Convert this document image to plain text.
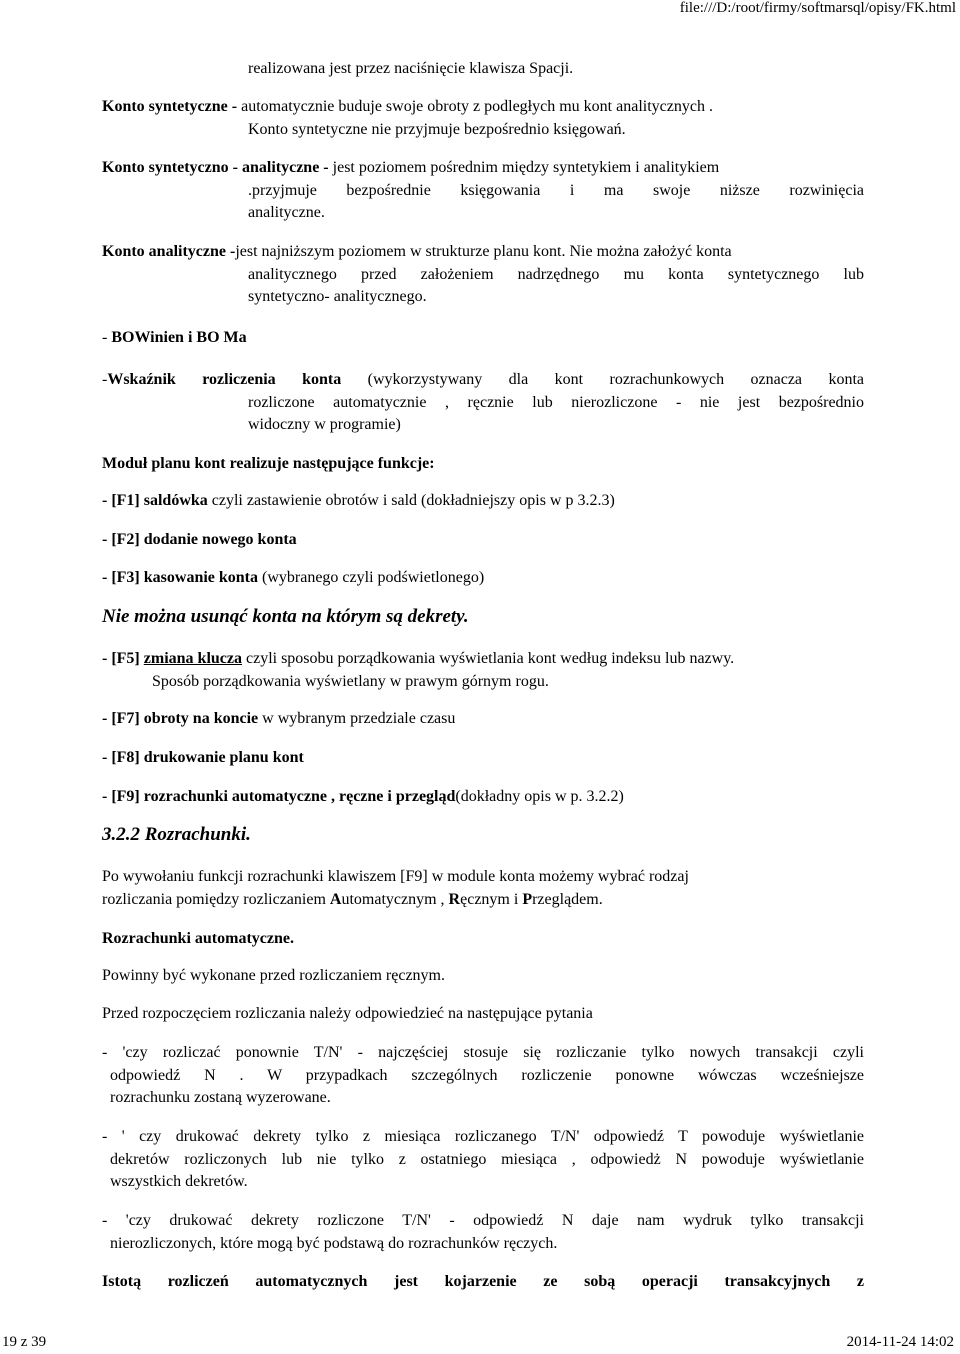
file:///D:/root/firmy/softmarsql/opisy/FK.html
realizowana jest przez naciśnięcie klawisza Spacji.
Konto syntetyczne - automatycznie buduje swoje obroty z podległych mu kont analitycznych .
Konto syntetyczne nie przyjmuje bezpośrednio księgowań.
Konto syntetyczno - analityczne - jest poziomem pośrednim między syntetykiem i analitykiem
.przyjmuje bezpośrednie księgowania i ma swoje niższe rozwinięcia
analityczne.
Konto analityczne -jest najniższym poziomem w strukturze planu kont. Nie można założyć konta
analitycznego przed założeniem nadrzędnego mu konta syntetycznego lub
syntetyczno- analitycznego.
- BOWinien i BO Ma
-Wskaźnik rozliczenia konta (wykorzystywany dla kont rozrachunkowych oznacza konta
rozliczone automatycznie , ręcznie lub nierozliczone - nie jest bezpośrednio
widoczny w programie)
Moduł planu kont realizuje następujące funkcje:
- [F1] saldówka czyli zastawienie obrotów i sald (dokładniejszy opis w p 3.2.3)
- [F2] dodanie nowego konta
- [F3] kasowanie konta (wybranego czyli podświetlonego)
Nie można usunąć konta na którym są dekrety.
- [F5] zmiana klucza czyli sposobu porządkowania wyświetlania kont według indeksu lub nazwy.
Sposób porządkowania wyświetlany w prawym górnym rogu.
- [F7] obroty na koncie w wybranym przedziale czasu
- [F8] drukowanie planu kont
- [F9] rozrachunki automatyczne , ręczne i przegląd(dokładny opis w p. 3.2.2)
3.2.2 Rozrachunki.
Po wywołaniu funkcji rozrachunki klawiszem [F9] w module konta możemy wybrać rodzaj
rozliczania pomiędzy rozliczaniem Automatycznym , Ręcznym i Przeglądem.
Rozrachunki automatyczne.
Powinny być wykonane przed rozliczaniem ręcznym.
Przed rozpoczęciem rozliczania należy odpowiedzieć na następujące pytania
- 'czy rozliczać ponownie T/N' - najczęściej stosuje się rozliczanie tylko nowych transakcji czyli
odpowiedź N . W przypadkach szczególnych rozliczenie ponowne wówczas wcześniejsze
rozrachunku zostaną wyzerowane.
- ' czy drukować dekrety tylko z miesiąca rozliczanego T/N' odpowiedź T powoduje wyświetlanie
dekretów rozliczonych lub nie tylko z ostatniego miesiąca , odpowiedż N powoduje wyświetlanie
wszystkich dekretów.
- 'czy drukować dekrety rozliczone T/N' - odpowiedź N daje nam wydruk tylko transakcji
nierozliczonych, które mogą być podstawą do rozrachunków ręczych.
Istotą rozliczeń automatycznych jest kojarzenie ze sobą operacji transakcyjnych z
19 z 39	2014-11-24 14:02
